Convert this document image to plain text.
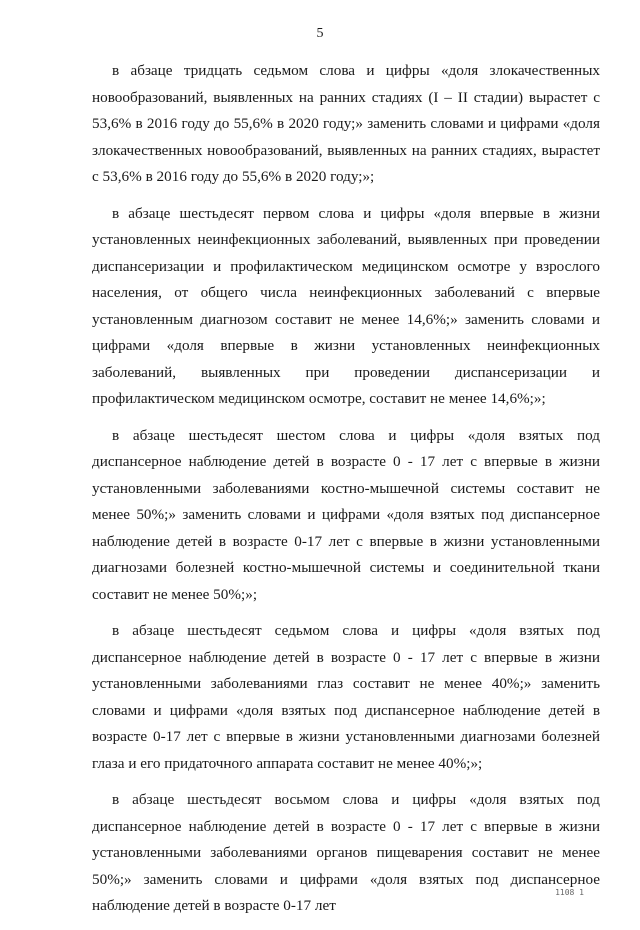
5

в абзаце тридцать седьмом слова и цифры «доля злокачественных новообразований, выявленных на ранних стадиях (I – II стадии) вырастет с 53,6% в 2016 году до 55,6% в 2020 году;» заменить словами и цифрами «доля злокачественных новообразований, выявленных на ранних стадиях, вырастет с 53,6% в 2016 году до 55,6% в 2020 году;»;

в абзаце шестьдесят первом слова и цифры «доля впервые в жизни установленных неинфекционных заболеваний, выявленных при проведении диспансеризации и профилактическом медицинском осмотре у взрослого населения, от общего числа неинфекционных заболеваний с впервые установленным диагнозом составит не менее 14,6%;» заменить словами и цифрами «доля впервые в жизни установленных неинфекционных заболеваний, выявленных при проведении диспансеризации и профилактическом медицинском осмотре, составит не менее 14,6%;»;

в абзаце шестьдесят шестом слова и цифры «доля взятых под диспансерное наблюдение детей в возрасте 0 - 17 лет с впервые в жизни установленными заболеваниями костно-мышечной системы составит не менее 50%;» заменить словами и цифрами «доля взятых под диспансерное наблюдение детей в возрасте 0-17 лет с впервые в жизни установленными диагнозами болезней костно-мышечной системы и соединительной ткани составит не менее 50%;»;

в абзаце шестьдесят седьмом слова и цифры «доля взятых под диспансерное наблюдение детей в возрасте 0 - 17 лет с впервые в жизни установленными заболеваниями глаз составит не менее 40%;» заменить словами и цифрами «доля взятых под диспансерное наблюдение детей в возрасте 0-17 лет с впервые в жизни установленными диагнозами болезней глаза и его придаточного аппарата составит не менее 40%;»;

в абзаце шестьдесят восьмом слова и цифры «доля взятых под диспансерное наблюдение детей в возрасте 0 - 17 лет с впервые в жизни установленными заболеваниями органов пищеварения составит не менее 50%;» заменить словами и цифрами «доля взятых под диспансерное наблюдение детей в возрасте 0-17 лет

1108 1
